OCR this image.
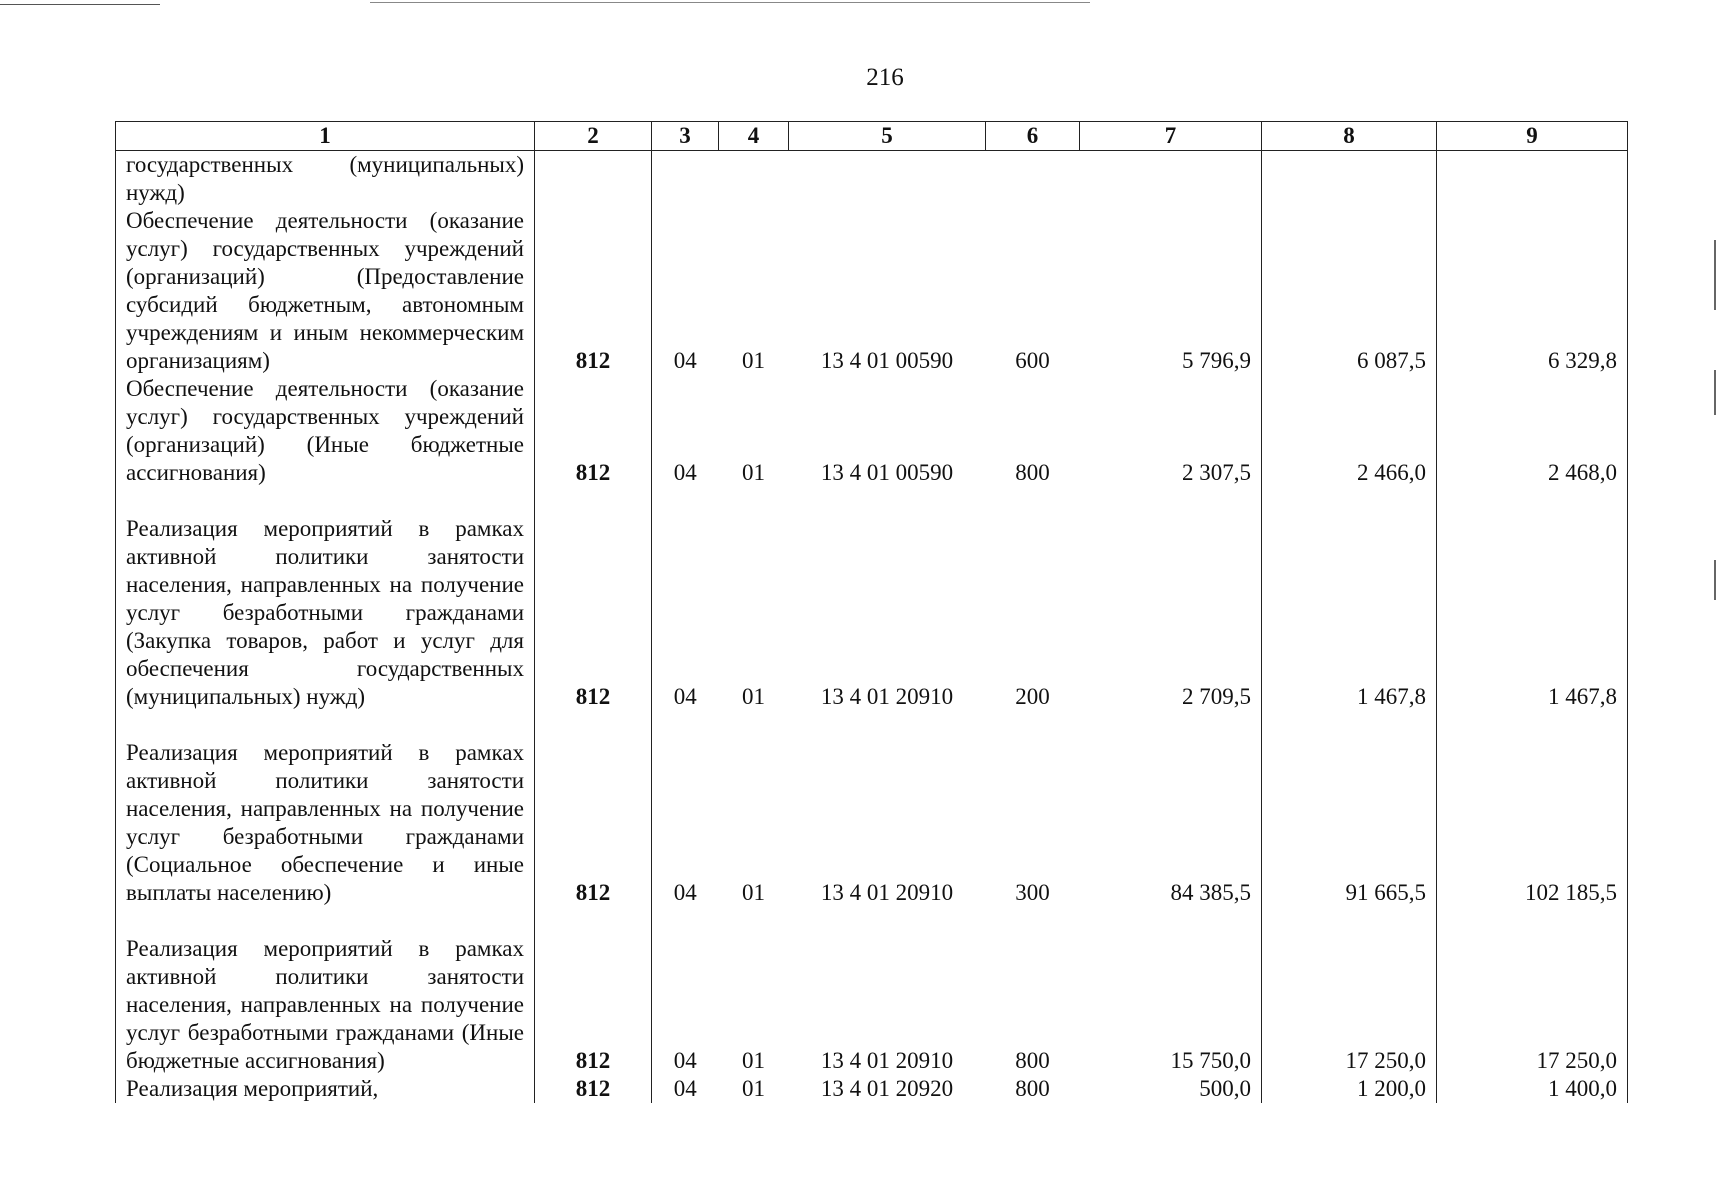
216
1	2	3	4	5	6	7	8	9
государственных (муниципальных) нужд)								
Обеспечение деятельности (оказание услуг) государственных учреждений (организаций) (Предоставление субсидий бюджетным, автономным учреждениям и иным некоммерческим организациям)	812	04	01	13 4 01 00590	600	5 796,9	6 087,5	6 329,8
Обеспечение деятельности (оказание услуг) государственных учреждений (организаций) (Иные бюджетные ассигнования)	812	04	01	13 4 01 00590	800	2 307,5	2 466,0	2 468,0
Реализация мероприятий в рамках активной политики занятости населения, направленных на получение услуг безработными гражданами (Закупка товаров, работ и услуг для обеспечения государственных (муниципальных) нужд)	812	04	01	13 4 01 20910	200	2 709,5	1 467,8	1 467,8
Реализация мероприятий в рамках активной политики занятости населения, направленных на получение услуг безработными гражданами (Социальное обеспечение и иные выплаты населению)	812	04	01	13 4 01 20910	300	84 385,5	91 665,5	102 185,5
Реализация мероприятий в рамках активной политики занятости населения, направленных на получение услуг безработными гражданами (Иные бюджетные ассигнования)	812	04	01	13 4 01 20910	800	15 750,0	17 250,0	17 250,0
Реализация мероприятий,	812	04	01	13 4 01 20920	800	500,0	1 200,0	1 400,0
